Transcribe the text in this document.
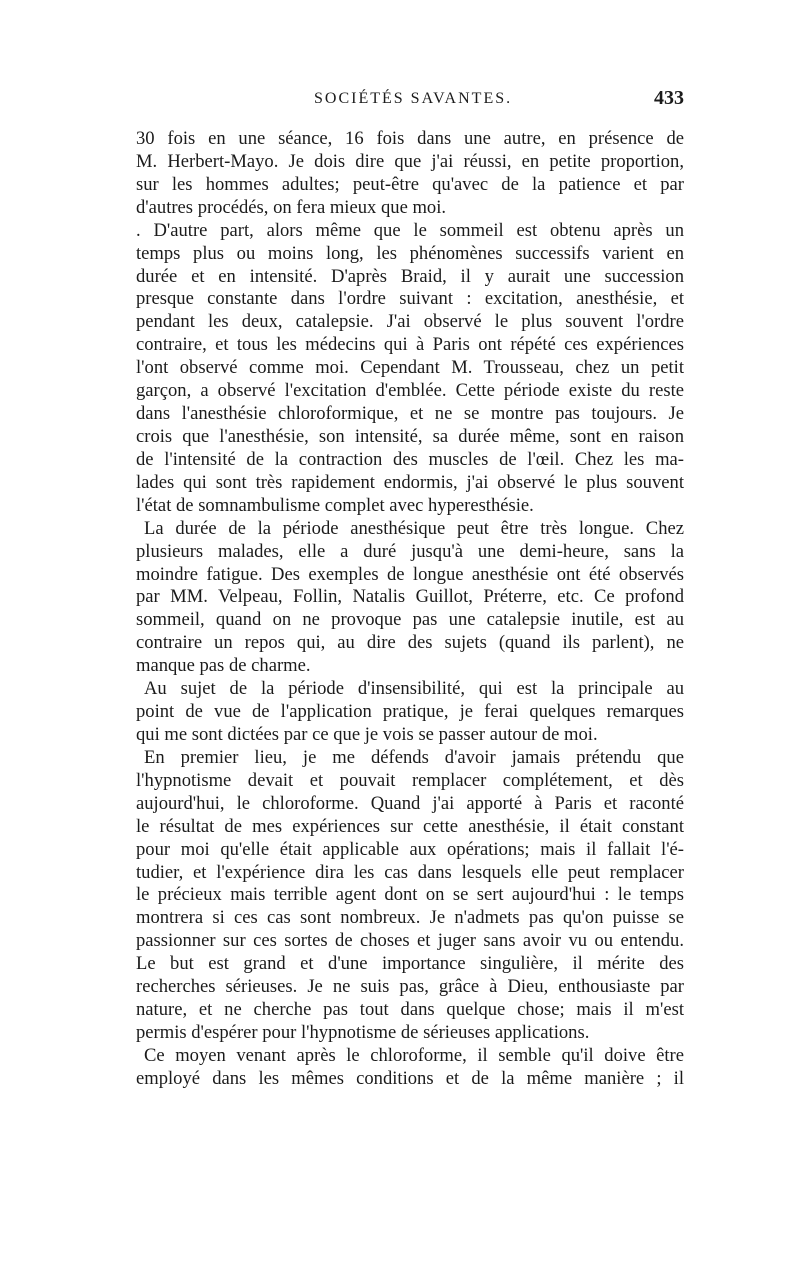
SOCIÉTÉS SAVANTES.	433
30 fois en une séance, 16 fois dans une autre, en présence de
M. Herbert-Mayo. Je dois dire que j'ai réussi, en petite proportion,
sur les hommes adultes; peut-être qu'avec de la patience et par
d'autres procédés, on fera mieux que moi.
. D'autre part, alors même que le sommeil est obtenu après un
temps plus ou moins long, les phénomènes successifs varient en
durée et en intensité. D'après Braid, il y aurait une succession
presque constante dans l'ordre suivant : excitation, anesthésie, et
pendant les deux, catalepsie. J'ai observé le plus souvent l'ordre
contraire, et tous les médecins qui à Paris ont répété ces expériences
l'ont observé comme moi. Cependant M. Trousseau, chez un petit
garçon, a observé l'excitation d'emblée. Cette période existe du reste
dans l'anesthésie chloroformique, et ne se montre pas toujours. Je
crois que l'anesthésie, son intensité, sa durée même, sont en raison
de l'intensité de la contraction des muscles de l'œil. Chez les ma-
lades qui sont très rapidement endormis, j'ai observé le plus souvent
l'état de somnambulisme complet avec hyperesthésie.
La durée de la période anesthésique peut être très longue. Chez
plusieurs malades, elle a duré jusqu'à une demi-heure, sans la
moindre fatigue. Des exemples de longue anesthésie ont été observés
par MM. Velpeau, Follin, Natalis Guillot, Préterre, etc. Ce profond
sommeil, quand on ne provoque pas une catalepsie inutile, est au
contraire un repos qui, au dire des sujets (quand ils parlent), ne
manque pas de charme.
Au sujet de la période d'insensibilité, qui est la principale au
point de vue de l'application pratique, je ferai quelques remarques
qui me sont dictées par ce que je vois se passer autour de moi.
En premier lieu, je me défends d'avoir jamais prétendu que
l'hypnotisme devait et pouvait remplacer complétement, et dès
aujourd'hui, le chloroforme. Quand j'ai apporté à Paris et raconté
le résultat de mes expériences sur cette anesthésie, il était constant
pour moi qu'elle était applicable aux opérations; mais il fallait l'é-
tudier, et l'expérience dira les cas dans lesquels elle peut remplacer
le précieux mais terrible agent dont on se sert aujourd'hui : le temps
montrera si ces cas sont nombreux. Je n'admets pas qu'on puisse se
passionner sur ces sortes de choses et juger sans avoir vu ou entendu.
Le but est grand et d'une importance singulière, il mérite des
recherches sérieuses. Je ne suis pas, grâce à Dieu, enthousiaste par
nature, et ne cherche pas tout dans quelque chose; mais il m'est
permis d'espérer pour l'hypnotisme de sérieuses applications.
Ce moyen venant après le chloroforme, il semble qu'il doive être
employé dans les mêmes conditions et de la même manière ; il
